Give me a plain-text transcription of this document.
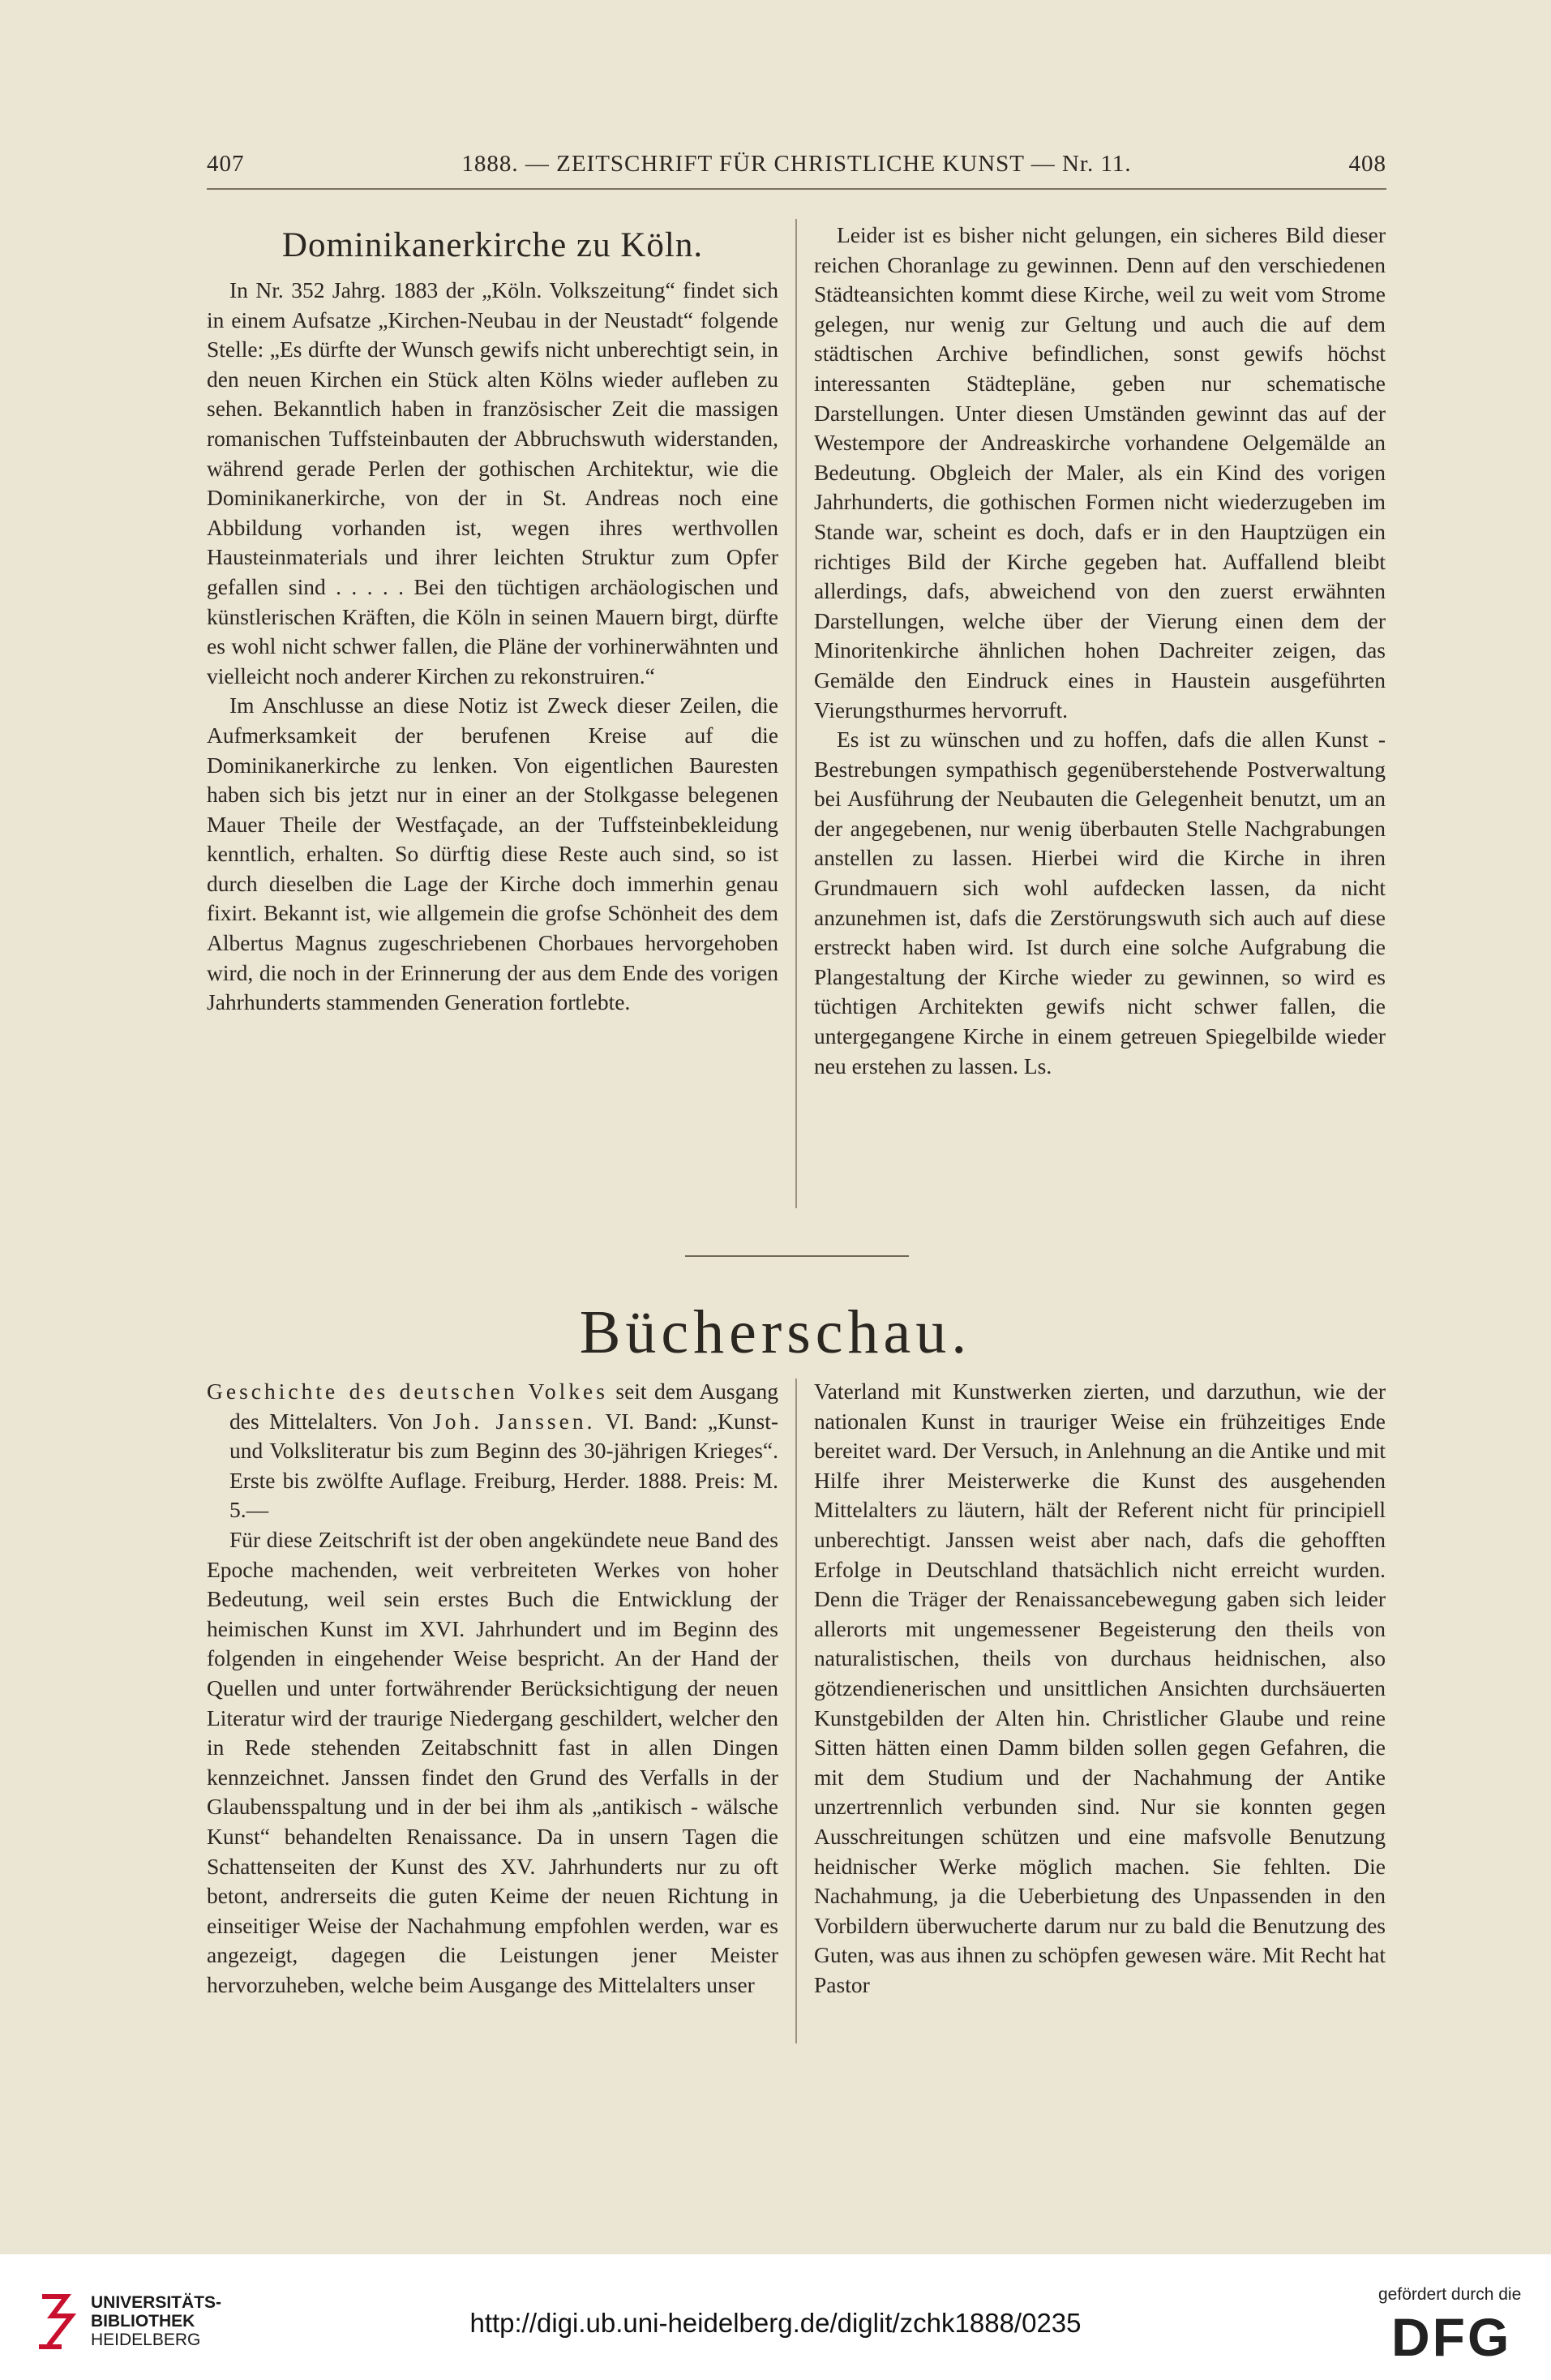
407	1888. — ZEITSCHRIFT FÜR CHRISTLICHE KUNST — Nr. 11.	408
Dominikanerkirche zu Köln.

In Nr. 352 Jahrg. 1883 der „Köln. Volkszeitung“ findet sich in einem Aufsatze „Kirchen-Neubau in der Neustadt“ folgende Stelle: „Es dürfte der Wunsch gewifs nicht unberechtigt sein, in den neuen Kirchen ein Stück alten Kölns wieder aufleben zu sehen. Bekanntlich haben in französischer Zeit die massigen romanischen Tuffsteinbauten der Abbruchswuth widerstanden, während gerade Perlen der gothischen Architektur, wie die Dominikanerkirche, von der in St. Andreas noch eine Abbildung vorhanden ist, wegen ihres werthvollen Hausteinmaterials und ihrer leichten Struktur zum Opfer gefallen sind . . . . . Bei den tüchtigen archäologischen und künstlerischen Kräften, die Köln in seinen Mauern birgt, dürfte es wohl nicht schwer fallen, die Pläne der vorhinerwähnten und vielleicht noch anderer Kirchen zu rekonstruiren.“

Im Anschlusse an diese Notiz ist Zweck dieser Zeilen, die Aufmerksamkeit der berufenen Kreise auf die Dominikanerkirche zu lenken. Von eigentlichen Bauresten haben sich bis jetzt nur in einer an der Stolkgasse belegenen Mauer Theile der Westfaçade, an der Tuffsteinbekleidung kenntlich, erhalten. So dürftig diese Reste auch sind, so ist durch dieselben die Lage der Kirche doch immerhin genau fixirt. Bekannt ist, wie allgemein die grofse Schönheit des dem Albertus Magnus zugeschriebenen Chorbaues hervorgehoben wird, die noch in der Erinnerung der aus dem Ende des vorigen Jahrhunderts stammenden Generation fortlebte.

Leider ist es bisher nicht gelungen, ein sicheres Bild dieser reichen Choranlage zu gewinnen. Denn auf den verschiedenen Städteansichten kommt diese Kirche, weil zu weit vom Strome gelegen, nur wenig zur Geltung und auch die auf dem städtischen Archive befindlichen, sonst gewifs höchst interessanten Städtepläne, geben nur schematische Darstellungen. Unter diesen Umständen gewinnt das auf der Westempore der Andreaskirche vorhandene Oelgemälde an Bedeutung. Obgleich der Maler, als ein Kind des vorigen Jahrhunderts, die gothischen Formen nicht wiederzugeben im Stande war, scheint es doch, dafs er in den Hauptzügen ein richtiges Bild der Kirche gegeben hat. Auffallend bleibt allerdings, dafs, abweichend von den zuerst erwähnten Darstellungen, welche über der Vierung einen dem der Minoritenkirche ähnlichen hohen Dachreiter zeigen, das Gemälde den Eindruck eines in Haustein ausgeführten Vierungsthurmes hervorruft.

Es ist zu wünschen und zu hoffen, dafs die allen Kunst - Bestrebungen sympathisch gegenüberstehende Postverwaltung bei Ausführung der Neubauten die Gelegenheit benutzt, um an der angegebenen, nur wenig überbauten Stelle Nachgrabungen anstellen zu lassen. Hierbei wird die Kirche in ihren Grundmauern sich wohl aufdecken lassen, da nicht anzunehmen ist, dafs die Zerstörungswuth sich auch auf diese erstreckt haben wird. Ist durch eine solche Aufgrabung die Plangestaltung der Kirche wieder zu gewinnen, so wird es tüchtigen Architekten gewifs nicht schwer fallen, die untergegangene Kirche in einem getreuen Spiegelbilde wieder neu erstehen zu lassen. Ls.

Bücherschau.

Geschichte des deutschen Volkes seit dem Ausgang des Mittelalters. Von Joh. Janssen. VI. Band: „Kunst- und Volksliteratur bis zum Beginn des 30-jährigen Krieges“. Erste bis zwölfte Auflage. Freiburg, Herder. 1888. Preis: M. 5.—

Für diese Zeitschrift ist der oben angekündete neue Band des Epoche machenden, weit verbreiteten Werkes von hoher Bedeutung, weil sein erstes Buch die Entwicklung der heimischen Kunst im XVI. Jahrhundert und im Beginn des folgenden in eingehender Weise bespricht. An der Hand der Quellen und unter fortwährender Berücksichtigung der neuen Literatur wird der traurige Niedergang geschildert, welcher den in Rede stehenden Zeitabschnitt fast in allen Dingen kennzeichnet. Janssen findet den Grund des Verfalls in der Glaubensspaltung und in der bei ihm als „antikisch - wälsche Kunst“ behandelten Renaissance. Da in unsern Tagen die Schattenseiten der Kunst des XV. Jahrhunderts nur zu oft betont, andrerseits die guten Keime der neuen Richtung in einseitiger Weise der Nachahmung empfohlen werden, war es angezeigt, dagegen die Leistungen jener Meister hervorzuheben, welche beim Ausgange des Mittelalters unser

Vaterland mit Kunstwerken zierten, und darzuthun, wie der nationalen Kunst in trauriger Weise ein frühzeitiges Ende bereitet ward. Der Versuch, in Anlehnung an die Antike und mit Hilfe ihrer Meisterwerke die Kunst des ausgehenden Mittelalters zu läutern, hält der Referent nicht für principiell unberechtigt. Janssen weist aber nach, dafs die gehofften Erfolge in Deutschland thatsächlich nicht erreicht wurden. Denn die Träger der Renaissancebewegung gaben sich leider allerorts mit ungemessener Begeisterung den theils von naturalistischen, theils von durchaus heidnischen, also götzendienerischen und unsittlichen Ansichten durchsäuerten Kunstgebilden der Alten hin. Christlicher Glaube und reine Sitten hätten einen Damm bilden sollen gegen Gefahren, die mit dem Studium und der Nachahmung der Antike unzertrennlich verbunden sind. Nur sie konnten gegen Ausschreitungen schützen und eine mafsvolle Benutzung heidnischer Werke möglich machen. Sie fehlten. Die Nachahmung, ja die Ueberbietung des Unpassenden in den Vorbildern überwucherte darum nur zu bald die Benutzung des Guten, was aus ihnen zu schöpfen gewesen wäre. Mit Recht hat Pastor

UNIVERSITÄTS-
BIBLIOTHEK
HEIDELBERG
http://digi.ub.uni-heidelberg.de/diglit/zchk1888/0235
gefördert durch die
DFG
